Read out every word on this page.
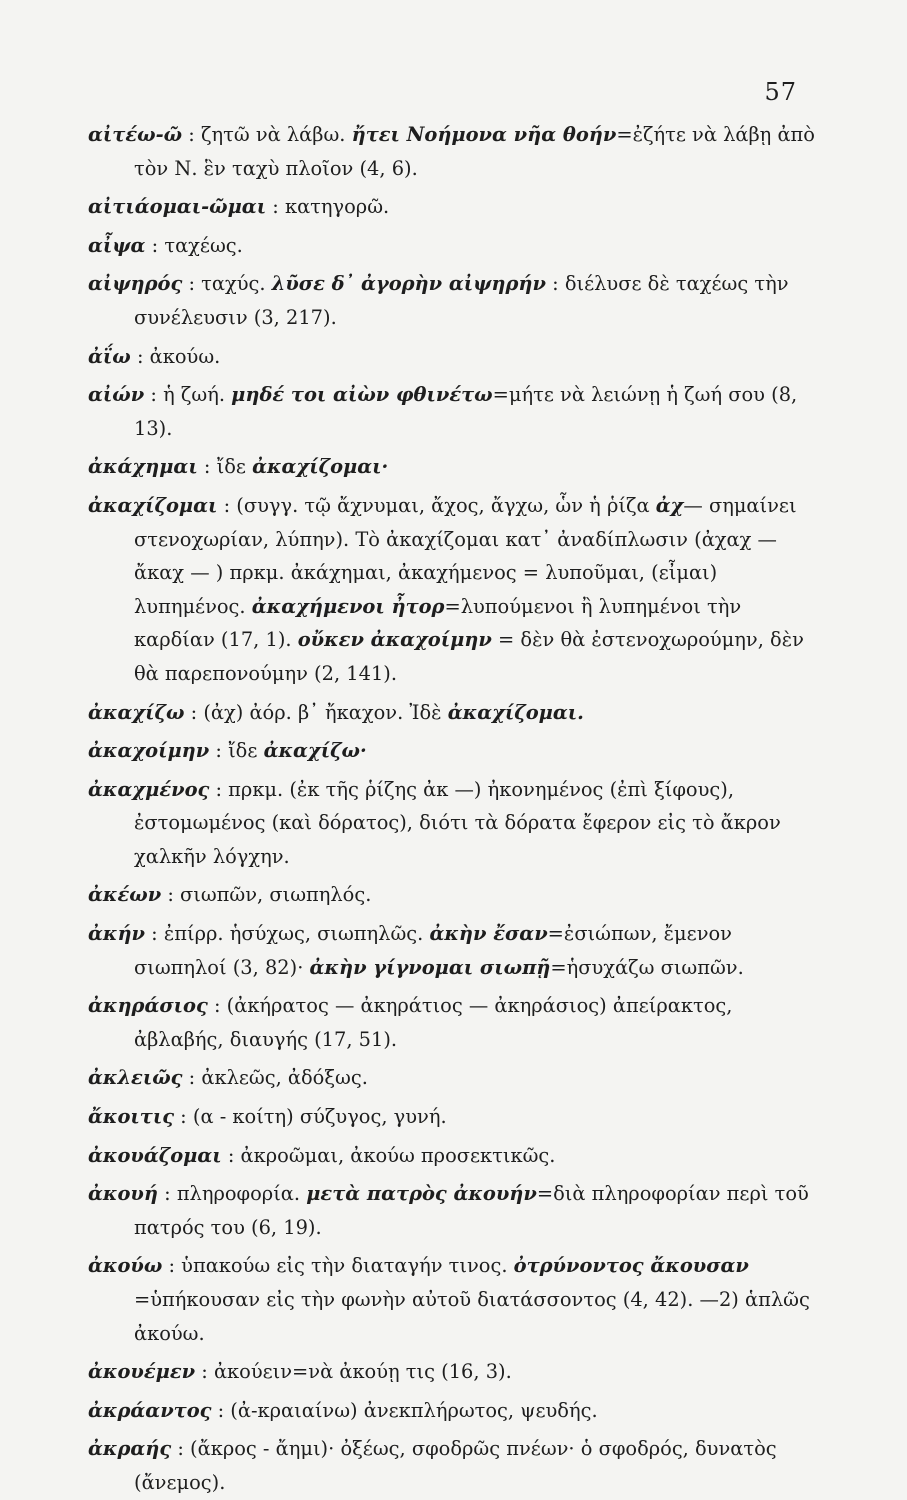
57

αἰτέω-ῶ : ζητῶ νὰ λάβω. ἤτει Νοήμονα νῆα θοήν=ἐζήτε νὰ λάβῃ ἀπὸ τὸν Ν. ἓν ταχὺ πλοῖον (4, 6).

αἰτιάομαι-ῶμαι : κατηγορῶ.

αἶψα : ταχέως.

αἰψηρός : ταχύς. λῦσε δ᾽ ἀγορὴν αἰψηρήν : διέλυσε δὲ ταχέως τὴν συνέλευσιν (3, 217).

ἀΐω : ἀκούω.

αἰών : ἡ ζωή. μηδέ τοι αἰὼν φθινέτω=μήτε νὰ λειώνῃ ἡ ζωή σου (8, 13).

ἀκάχημαι : ἴδε ἀκαχίζομαι·

ἀκαχίζομαι : (συγγ. τῷ ἄχνυμαι, ἄχος, ἄγχω, ὧν ἡ ῥίζα ἀχ— σημαίνει στενοχωρίαν, λύπην). Τὸ ἀκαχίζομαι κατ᾽ ἀναδίπλωσιν (ἀχαχ — ἄκαχ — ) πρκμ. ἀκάχημαι, ἀκαχήμενος = λυποῦμαι, (εἶμαι) λυπημένος. ἀκαχήμενοι ἦτορ=λυπούμενοι ἢ λυπημένοι τὴν καρδίαν (17, 1). οὔκεν ἀκαχοίμην = δὲν θὰ ἐστενοχωρούμην, δὲν θὰ παρεπονούμην (2, 141).

ἀκαχίζω : (ἀχ) ἀόρ. β᾽ ἤκαχον. Ἰδὲ ἀκαχίζομαι.

ἀκαχοίμην : ἴδε ἀκαχίζω·

ἀκαχμένος : πρκμ. (ἐκ τῆς ῥίζης ἀκ —) ἠκονημένος (ἐπὶ ξίφους), ἐστομωμένος (καὶ δόρατος), διότι τὰ δόρατα ἔφερον εἰς τὸ ἄκρον χαλκῆν λόγχην.

ἀκέων : σιωπῶν, σιωπηλός.

ἀκήν : ἐπίρρ. ἡσύχως, σιωπηλῶς. ἀκὴν ἔσαν=ἐσιώπων, ἔμενον σιωπηλοί (3, 82)· ἀκὴν γίγνομαι σιωπῇ=ἡσυχάζω σιωπῶν.

ἀκηράσιος : (ἀκήρατος — ἀκηράτιος — ἀκηράσιος) ἀπείρακτος, ἀβλαβής, διαυγής (17, 51).

ἀκλειῶς : ἀκλεῶς, ἀδόξως.

ἄκοιτις : (α - κοίτη) σύζυγος, γυνή.

ἀκουάζομαι : ἀκροῶμαι, ἀκούω προσεκτικῶς.

ἀκουή : πληροφορία. μετὰ πατρὸς ἀκουήν=διὰ πληροφορίαν περὶ τοῦ πατρός του (6, 19).

ἀκούω : ὑπακούω εἰς τὴν διαταγήν τινος. ὀτρύνοντος ἄκουσαν =ὑπήκουσαν εἰς τὴν φωνὴν αὐτοῦ διατάσσοντος (4, 42). —2) ἁπλῶς ἀκούω.

ἀκουέμεν : ἀκούειν=νὰ ἀκούῃ τις (16, 3).

ἀκράαντος : (ἀ-κραιαίνω) ἀνεκπλήρωτος, ψευδής.

ἀκραής : (ἄκρος - ἄημι)· ὀξέως, σφοδρῶς πνέων· ὁ σφοδρός, δυνατὸς (ἄνεμος).
